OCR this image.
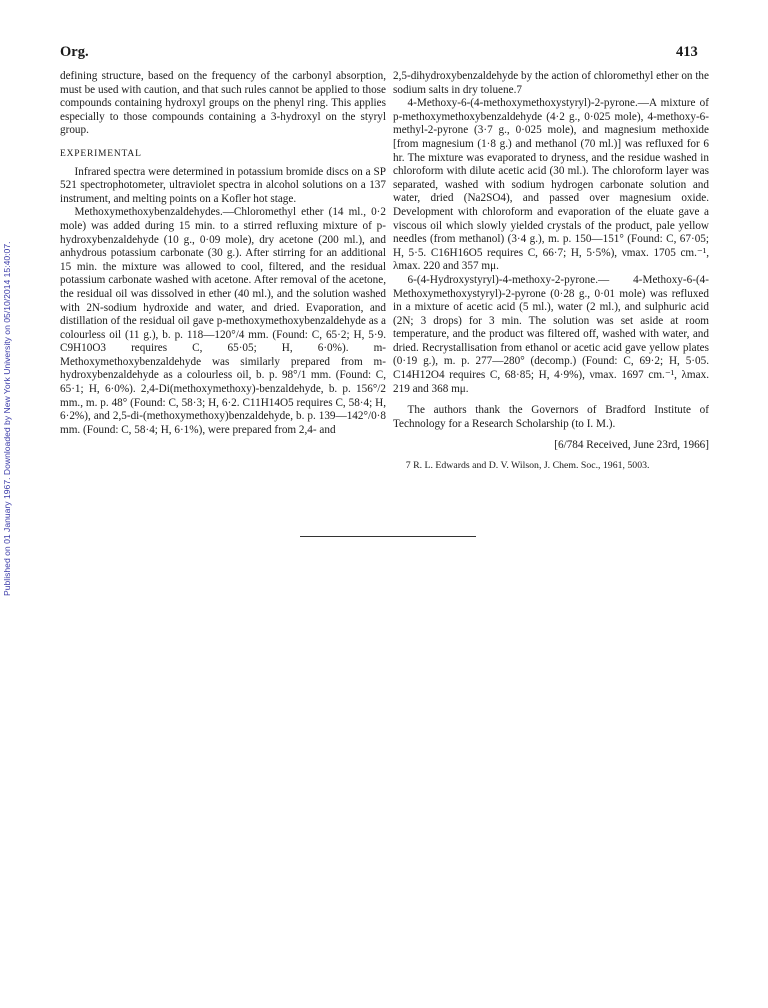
Published on 01 January 1967. Downloaded by New York University on 05/10/2014 15:40:07.
Org.	413

defining structure, based on the frequency of the carbonyl absorption, must be used with caution, and that such rules cannot be applied to those compounds containing hydroxyl groups on the phenyl ring. This applies especially to those compounds containing a 3-hydroxyl on the styryl group.

EXPERIMENTAL

Infrared spectra were determined in potassium bromide discs on a SP 521 spectrophotometer, ultraviolet spectra in alcohol solutions on a 137 instrument, and melting points on a Kofler hot stage.

Methoxymethoxybenzaldehydes.—Chloromethyl ether (14 ml., 0·2 mole) was added during 15 min. to a stirred refluxing mixture of p-hydroxybenzaldehyde (10 g., 0·09 mole), dry acetone (200 ml.), and anhydrous potassium carbonate (30 g.). After stirring for an additional 15 min. the mixture was allowed to cool, filtered, and the residual potassium carbonate washed with acetone. After removal of the acetone, the residual oil was dissolved in ether (40 ml.), and the solution washed with 2N-sodium hydroxide and water, and dried. Evaporation, and distillation of the residual oil gave p-methoxymethoxybenzaldehyde as a colourless oil (11 g.), b. p. 118—120°/4 mm. (Found: C, 65·2; H, 5·9. C9H10O3 requires C, 65·05; H, 6·0%). m-Methoxymethoxybenzaldehyde was similarly prepared from m-hydroxybenzaldehyde as a colourless oil, b. p. 98°/1 mm. (Found: C, 65·1; H, 6·0%). 2,4-Di(methoxymethoxy)-benzaldehyde, b. p. 156°/2 mm., m. p. 48° (Found: C, 58·3; H, 6·2. C11H14O5 requires C, 58·4; H, 6·2%), and 2,5-di-(methoxymethoxy)benzaldehyde, b. p. 139—142°/0·8 mm. (Found: C, 58·4; H, 6·1%), were prepared from 2,4- and

2,5-dihydroxybenzaldehyde by the action of chloromethyl ether on the sodium salts in dry toluene.7

4-Methoxy-6-(4-methoxymethoxystyryl)-2-pyrone.—A mixture of p-methoxymethoxybenzaldehyde (4·2 g., 0·025 mole), 4-methoxy-6-methyl-2-pyrone (3·7 g., 0·025 mole), and magnesium methoxide [from magnesium (1·8 g.) and methanol (70 ml.)] was refluxed for 6 hr. The mixture was evaporated to dryness, and the residue washed in chloroform with dilute acetic acid (30 ml.). The chloroform layer was separated, washed with sodium hydrogen carbonate solution and water, dried (Na2SO4), and passed over magnesium oxide. Development with chloroform and evaporation of the eluate gave a viscous oil which slowly yielded crystals of the product, pale yellow needles (from methanol) (3·4 g.), m. p. 150—151° (Found: C, 67·05; H, 5·5. C16H16O5 requires C, 66·7; H, 5·5%), νmax. 1705 cm.⁻¹, λmax. 220 and 357 mμ.

6-(4-Hydroxystyryl)-4-methoxy-2-pyrone.— 4-Methoxy-6-(4-Methoxymethoxystyryl)-2-pyrone (0·28 g., 0·01 mole) was refluxed in a mixture of acetic acid (5 ml.), water (2 ml.), and sulphuric acid (2N; 3 drops) for 3 min. The solution was set aside at room temperature, and the product was filtered off, washed with water, and dried. Recrystallisation from ethanol or acetic acid gave yellow plates (0·19 g.), m. p. 277—280° (decomp.) (Found: C, 69·2; H, 5·05. C14H12O4 requires C, 68·85; H, 4·9%), νmax. 1697 cm.⁻¹, λmax. 219 and 368 mμ.

The authors thank the Governors of Bradford Institute of Technology for a Research Scholarship (to I. M.).

[6/784 Received, June 23rd, 1966]

7 R. L. Edwards and D. V. Wilson, J. Chem. Soc., 1961, 5003.
